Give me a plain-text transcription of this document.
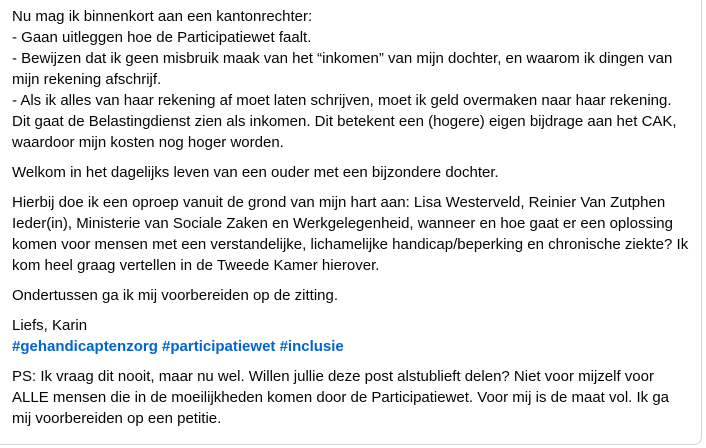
Nu mag ik binnenkort aan een kantonrechter:
- Gaan uitleggen hoe de Participatiewet faalt.
- Bewijzen dat ik geen misbruik maak van het “inkomen” van mijn dochter, en waarom ik dingen van mijn rekening afschrijf.
- Als ik alles van haar rekening af moet laten schrijven, moet ik geld overmaken naar haar rekening. Dit gaat de Belastingdienst zien als inkomen. Dit betekent een (hogere) eigen bijdrage aan het CAK, waardoor mijn kosten nog hoger worden.

Welkom in het dagelijks leven van een ouder met een bijzondere dochter.

Hierbij doe ik een oproep vanuit de grond van mijn hart aan: Lisa Westerveld, Reinier Van Zutphen Ieder(in), Ministerie van Sociale Zaken en Werkgelegenheid, wanneer en hoe gaat er een oplossing komen voor mensen met een verstandelijke, lichamelijke handicap/beperking en chronische ziekte? Ik kom heel graag vertellen in de Tweede Kamer hierover.

Ondertussen ga ik mij voorbereiden op de zitting.

Liefs, Karin
#gehandicaptenzorg #participatiewet #inclusie

PS: Ik vraag dit nooit, maar nu wel. Willen jullie deze post alstublieft delen? Niet voor mijzelf voor ALLE mensen die in de moeilijkheden komen door de Participatiewet. Voor mij is de maat vol. Ik ga mij voorbereiden op een petitie.
